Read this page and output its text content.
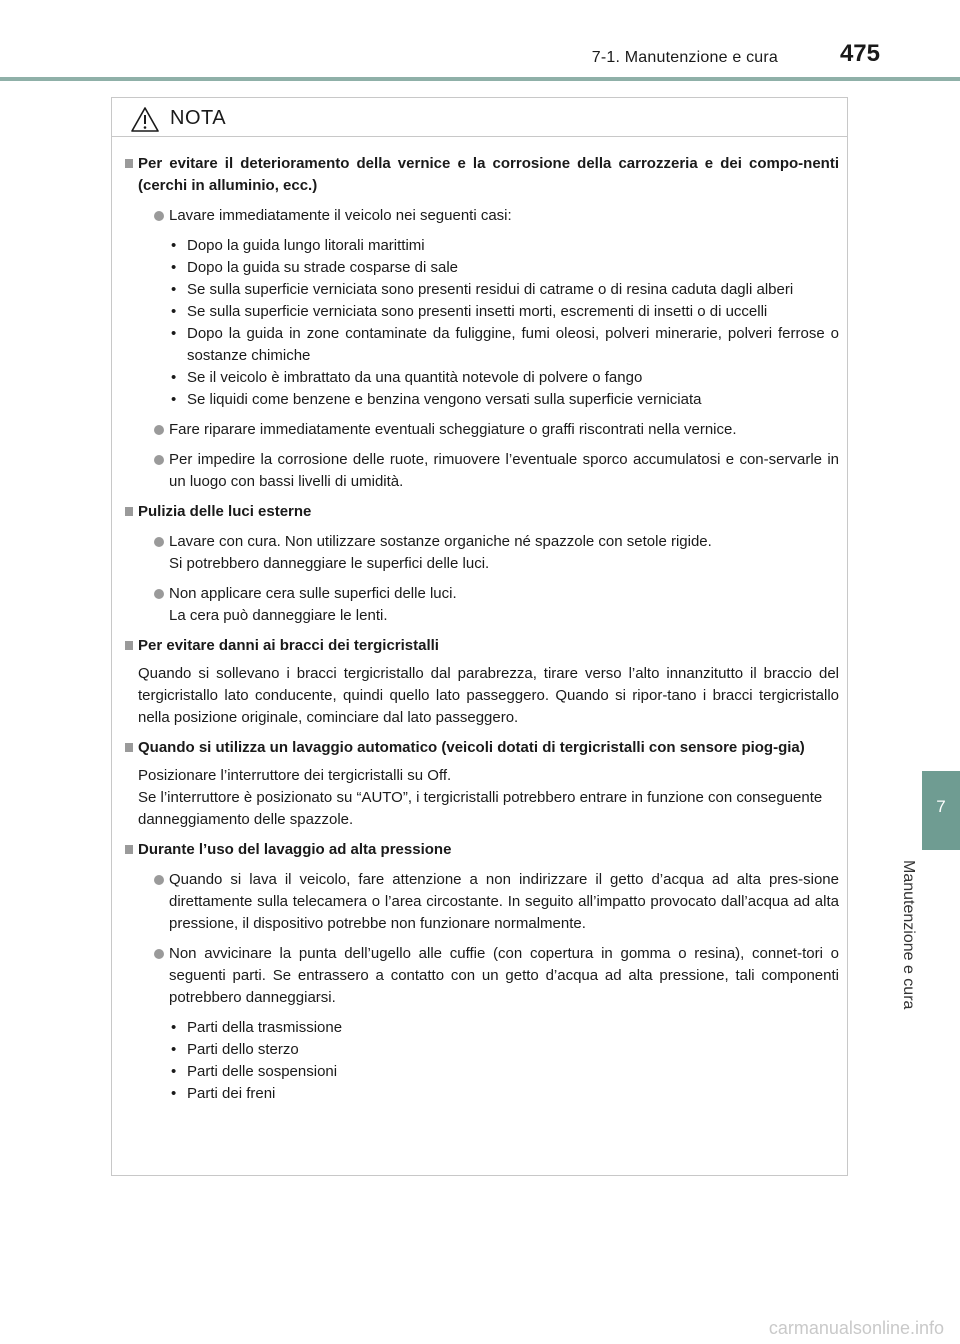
7-1. Manutenzione e cura	475
7
Manutenzione e cura
NOTA
Per evitare il deterioramento della vernice e la corrosione della carrozzeria e dei compo-nenti (cerchi in alluminio, ecc.)
Lavare immediatamente il veicolo nei seguenti casi:
• Dopo la guida lungo litorali marittimi
• Dopo la guida su strade cosparse di sale
• Se sulla superficie verniciata sono presenti residui di catrame o di resina caduta dagli alberi
• Se sulla superficie verniciata sono presenti insetti morti, escrementi di insetti o di uccelli
• Dopo la guida in zone contaminate da fuliggine, fumi oleosi, polveri minerarie, polveri ferrose o sostanze chimiche
• Se il veicolo è imbrattato da una quantità notevole di polvere o fango
• Se liquidi come benzene e benzina vengono versati sulla superficie verniciata
Fare riparare immediatamente eventuali scheggiature o graffi riscontrati nella vernice.
Per impedire la corrosione delle ruote, rimuovere l’eventuale sporco accumulatosi e con-servarle in un luogo con bassi livelli di umidità.
Pulizia delle luci esterne
Lavare con cura. Non utilizzare sostanze organiche né spazzole con setole rigide.
Si potrebbero danneggiare le superfici delle luci.
Non applicare cera sulle superfici delle luci.
La cera può danneggiare le lenti.
Per evitare danni ai bracci dei tergicristalli
Quando si sollevano i bracci tergicristallo dal parabrezza, tirare verso l’alto innanzitutto il braccio del tergicristallo lato conducente, quindi quello lato passeggero. Quando si ripor-tano i bracci tergicristallo nella posizione originale, cominciare dal lato passeggero.
Quando si utilizza un lavaggio automatico (veicoli dotati di tergicristalli con sensore piog-gia)
Posizionare l’interruttore dei tergicristalli su Off.
Se l’interruttore è posizionato su “AUTO”, i tergicristalli potrebbero entrare in funzione con conseguente danneggiamento delle spazzole.
Durante l’uso del lavaggio ad alta pressione
Quando si lava il veicolo, fare attenzione a non indirizzare il getto d’acqua ad alta pres-sione direttamente sulla telecamera o l’area circostante. In seguito all’impatto provocato dall’acqua ad alta pressione, il dispositivo potrebbe non funzionare normalmente.
Non avvicinare la punta dell’ugello alle cuffie (con copertura in gomma o resina), connet-tori o seguenti parti. Se entrassero a contatto con un getto d’acqua ad alta pressione, tali componenti potrebbero danneggiarsi.
• Parti della trasmissione
• Parti dello sterzo
• Parti delle sospensioni
• Parti dei freni
carmanualsonline.info
